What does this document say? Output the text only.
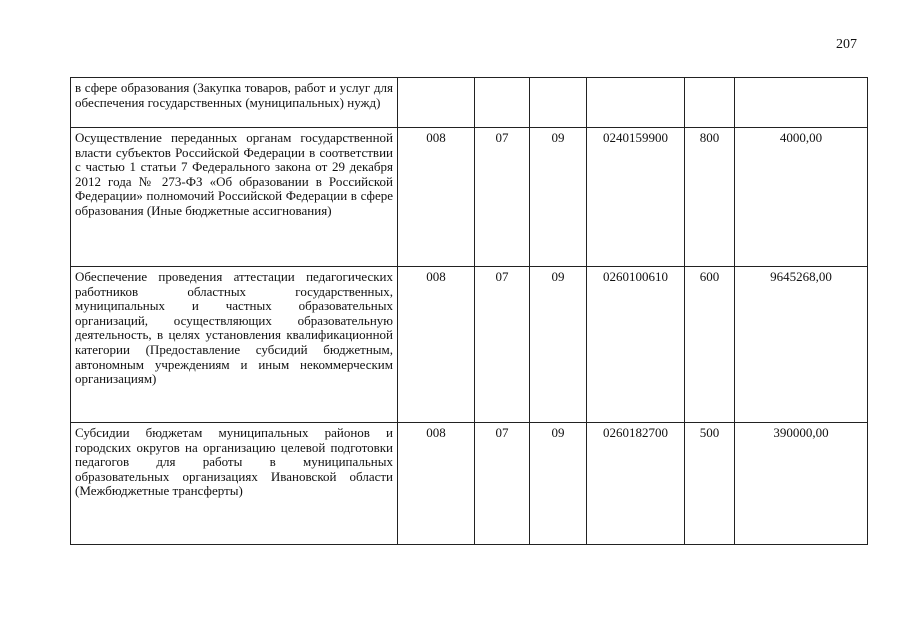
207
в сфере образования (Закупка товаров, работ и услуг для обеспечения государственных (муниципальных) нужд)						
Осуществление переданных органам государственной власти субъектов Российской Федерации в соответствии с частью 1 статьи 7 Федерального закона от 29 декабря 2012 года № 273-ФЗ «Об образовании в Российской Федерации» полномочий Российской Федерации в сфере образования (Иные бюджетные ассигнования)	008	07	09	0240159900	800	4000,00
Обеспечение проведения аттестации педагогических работников областных государственных, муниципальных и частных образовательных организаций, осуществляющих образовательную деятельность, в целях установления квалификационной категории (Предоставление субсидий бюджетным, автономным учреждениям и иным некоммерческим организациям)	008	07	09	0260100610	600	9645268,00
Субсидии бюджетам муниципальных районов и городских округов на организацию целевой подготовки педагогов для работы в муниципальных образовательных организациях Ивановской области (Межбюджетные трансферты)	008	07	09	0260182700	500	390000,00
